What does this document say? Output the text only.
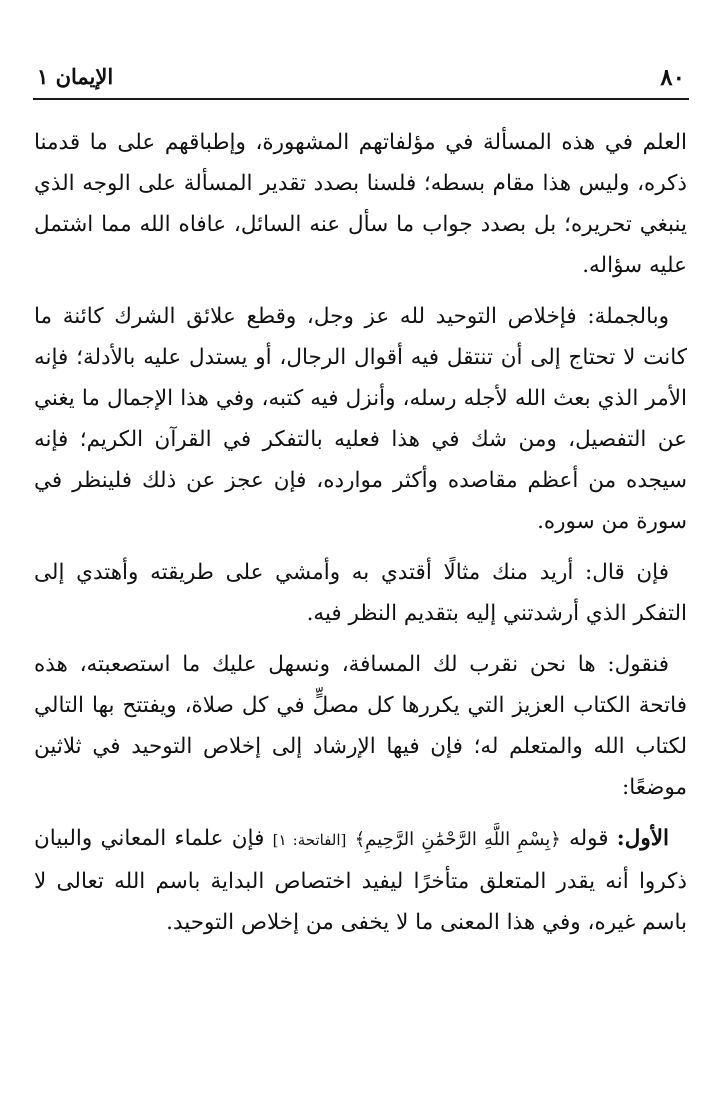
٨٠
الإيمان ١

العلم في هذه المسألة في مؤلفاتهم المشهورة، وإطباقهم على ما قدمنا ذكره، وليس هذا مقام بسطه؛ فلسنا بصدد تقدير المسألة على الوجه الذي ينبغي تحريره؛ بل بصدد جواب ما سأل عنه السائل، عافاه الله مما اشتمل عليه سؤاله.

وبالجملة: فإخلاص التوحيد لله عز وجل، وقطع علائق الشرك كائنة ما كانت لا تحتاج إلى أن تنتقل فيه أقوال الرجال، أو يستدل عليه بالأدلة؛ فإنه الأمر الذي بعث الله لأجله رسله، وأنزل فيه كتبه، وفي هذا الإجمال ما يغني عن التفصيل، ومن شك في هذا فعليه بالتفكر في القرآن الكريم؛ فإنه سيجده من أعظم مقاصده وأكثر موارده، فإن عجز عن ذلك فلينظر في سورة من سوره.

فإن قال: أريد منك مثالًا أقتدي به وأمشي على طريقته وأهتدي إلى التفكر الذي أرشدتني إليه بتقديم النظر فيه.

فنقول: ها نحن نقرب لك المسافة، ونسهل عليك ما استصعبته، هذه فاتحة الكتاب العزيز التي يكررها كل مصلٍّ في كل صلاة، ويفتتح بها التالي لكتاب الله والمتعلم له؛ فإن فيها الإرشاد إلى إخلاص التوحيد في ثلاثين موضعًا:

الأول: قوله ﴿بِسْمِ اللَّهِ الرَّحْمَٰنِ الرَّحِيمِ﴾ [الفاتحة: ١] فإن علماء المعاني والبيان ذكروا أنه يقدر المتعلق متأخرًا ليفيد اختصاص البداية باسم الله تعالى لا باسم غيره، وفي هذا المعنى ما لا يخفى من إخلاص التوحيد.
